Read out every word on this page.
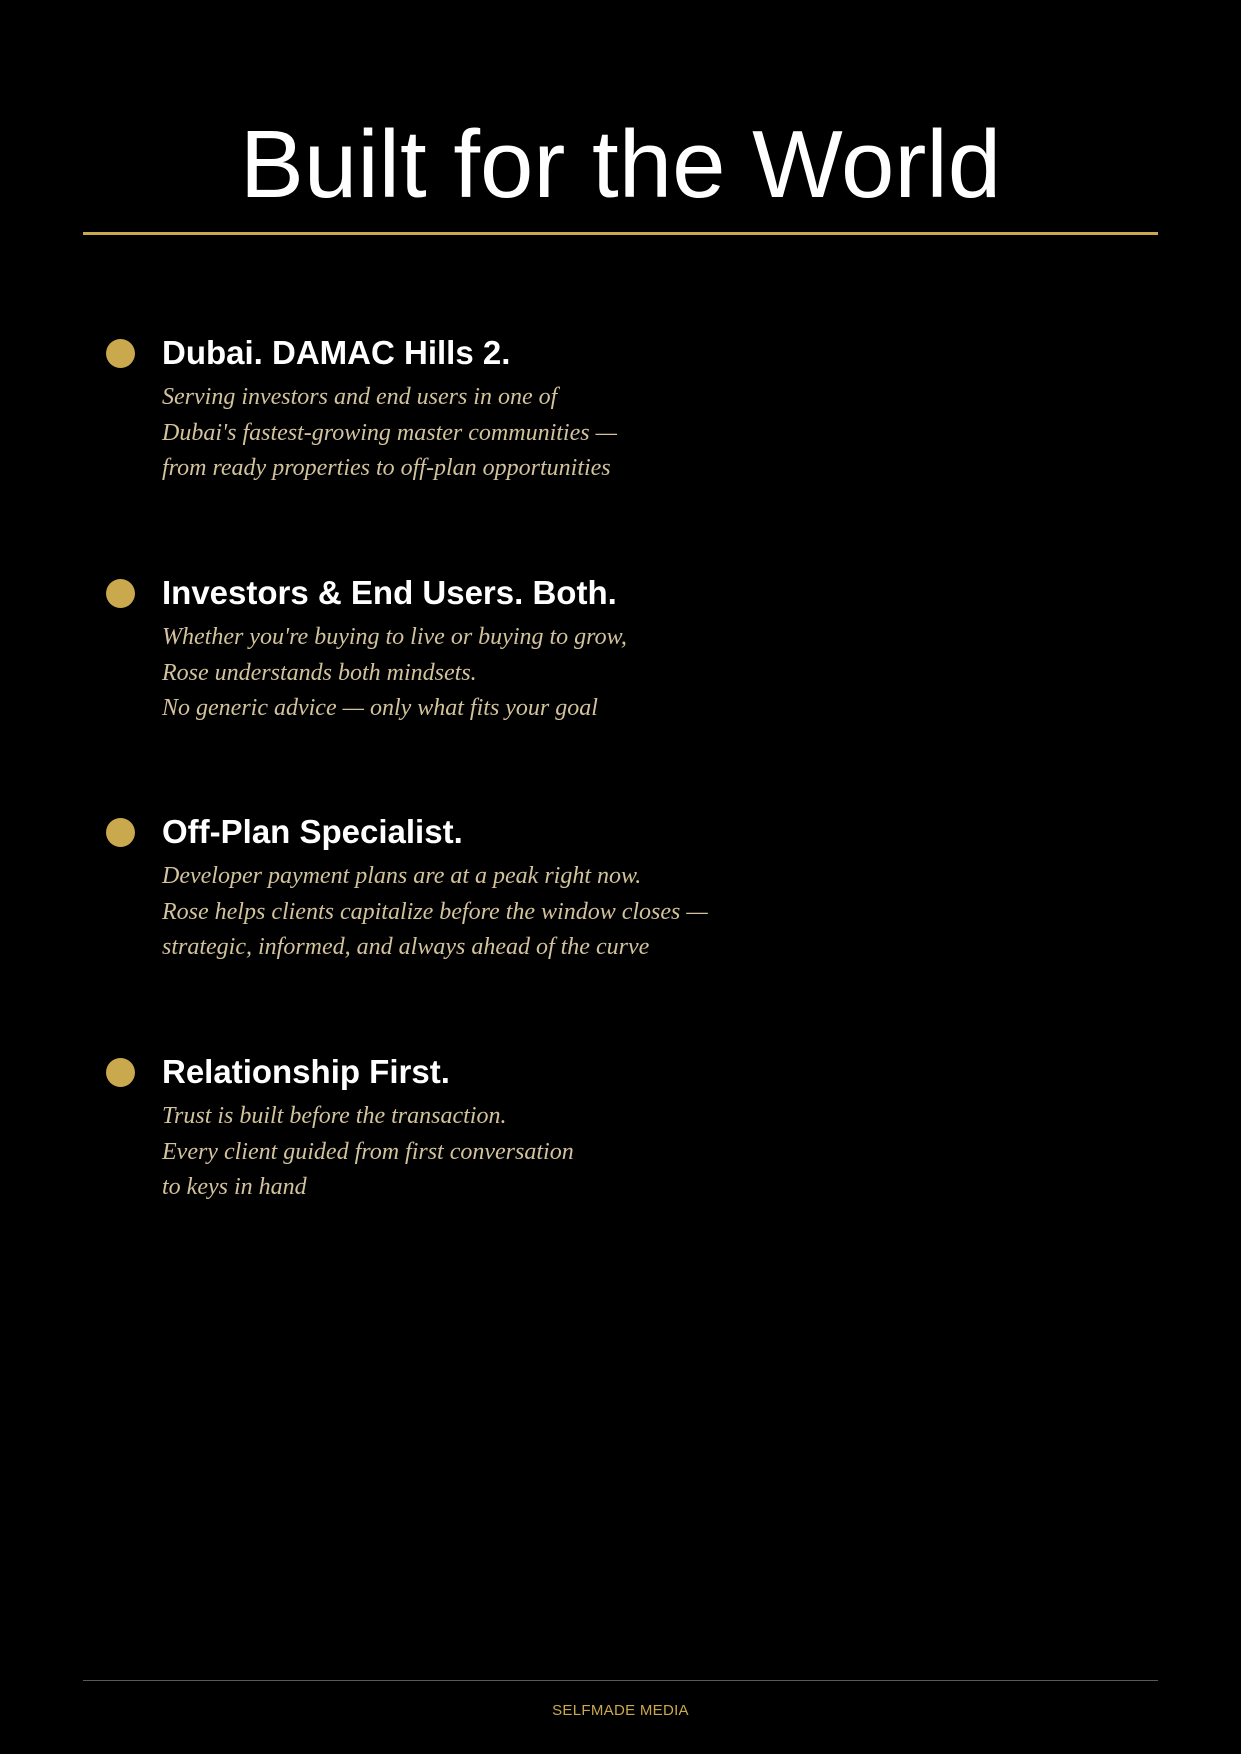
Built for the World
Dubai. DAMAC Hills 2.

Serving investors and end users in one of
Dubai's fastest-growing master communities —
from ready properties to off-plan opportunities

Investors & End Users. Both.

Whether you're buying to live or buying to grow,
Rose understands both mindsets.
No generic advice — only what fits your goal

Off-Plan Specialist.

Developer payment plans are at a peak right now.
Rose helps clients capitalize before the window closes —
strategic, informed, and always ahead of the curve

Relationship First.

Trust is built before the transaction.
Every client guided from first conversation
to keys in hand

SELFMADE MEDIA
